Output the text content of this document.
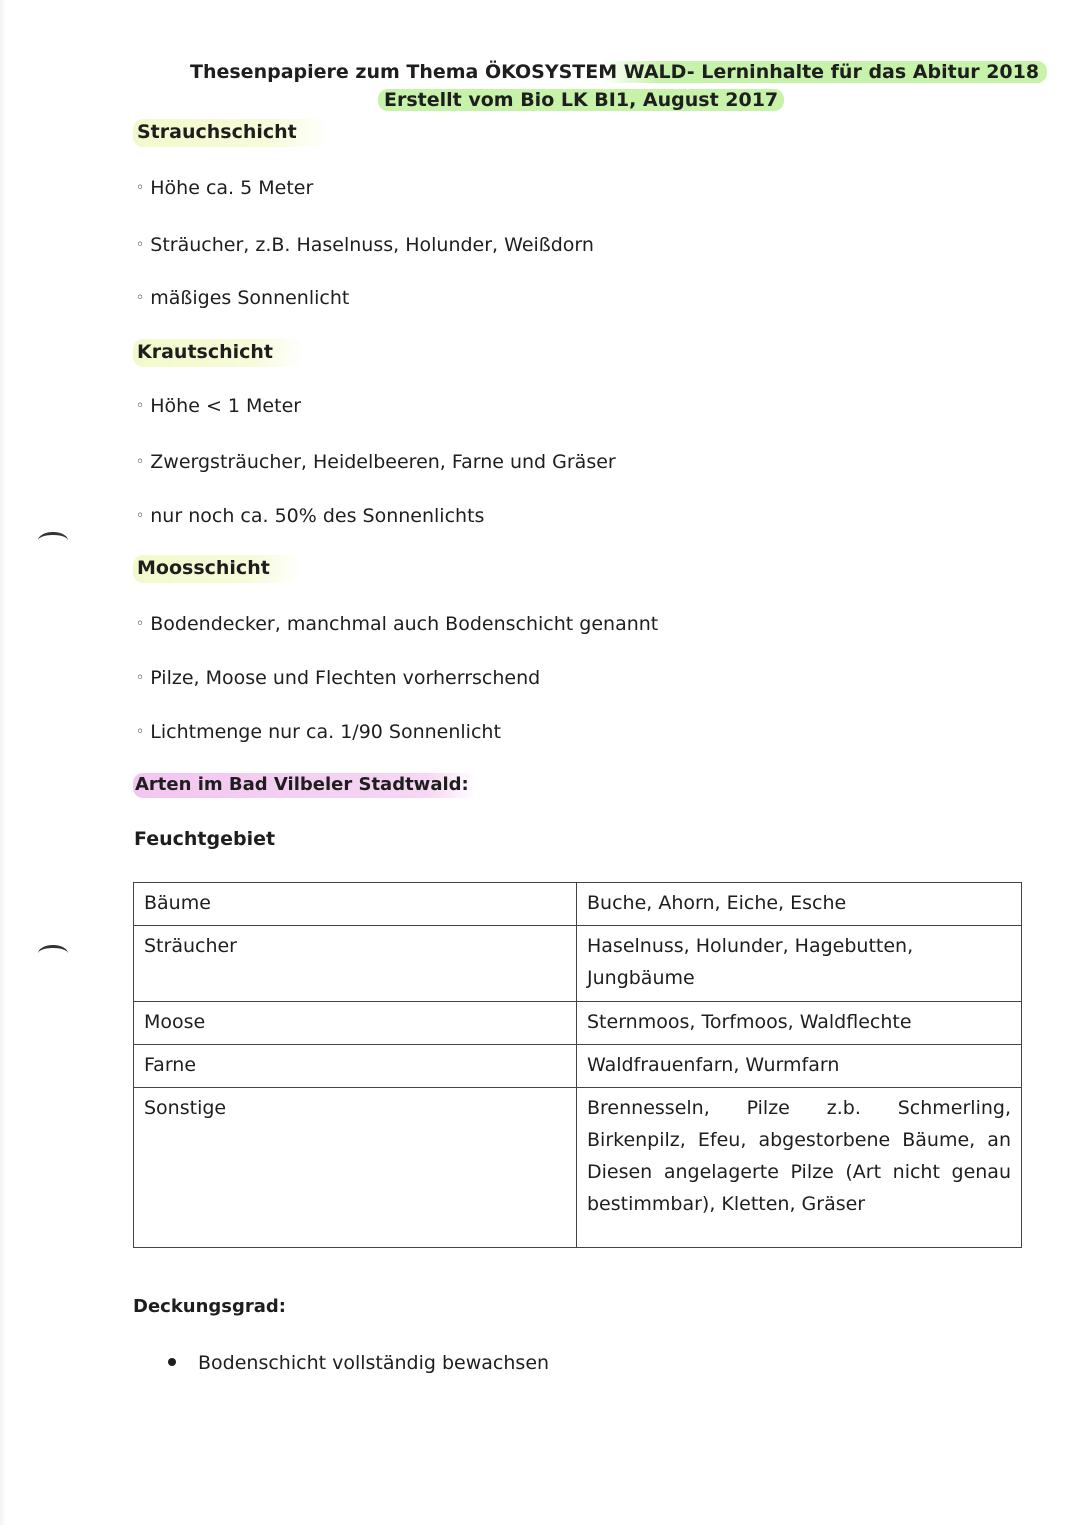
Thesenpapiere zum Thema ÖKOSYSTEM WALD- Lerninhalte für das Abitur 2018
Erstellt vom Bio LK BI1, August 2017
Strauchschicht
◦ Höhe ca. 5 Meter
◦ Sträucher, z.B. Haselnuss, Holunder, Weißdorn
◦ mäßiges Sonnenlicht
Krautschicht
◦ Höhe < 1 Meter
◦ Zwergsträucher, Heidelbeeren, Farne und Gräser
◦ nur noch ca. 50% des Sonnenlichts
Moosschicht
◦ Bodendecker, manchmal auch Bodenschicht genannt
◦ Pilze, Moose und Flechten vorherrschend
◦ Lichtmenge nur ca. 1/90 Sonnenlicht
Arten im Bad Vilbeler Stadtwald:
Feuchtgebiet
Bäume	Buche, Ahorn, Eiche, Esche
Sträucher	Haselnuss, Holunder, Hagebutten, Jungbäume
Moose	Sternmoos, Torfmoos, Waldflechte
Farne	Waldfrauenfarn, Wurmfarn
Sonstige	Brennesseln, Pilze z.b. Schmerling, Birkenpilz, Efeu, abgestorbene Bäume, an Diesen angelagerte Pilze (Art nicht genau bestimmbar), Kletten, Gräser
Deckungsgrad:
Bodenschicht vollständig bewachsen
